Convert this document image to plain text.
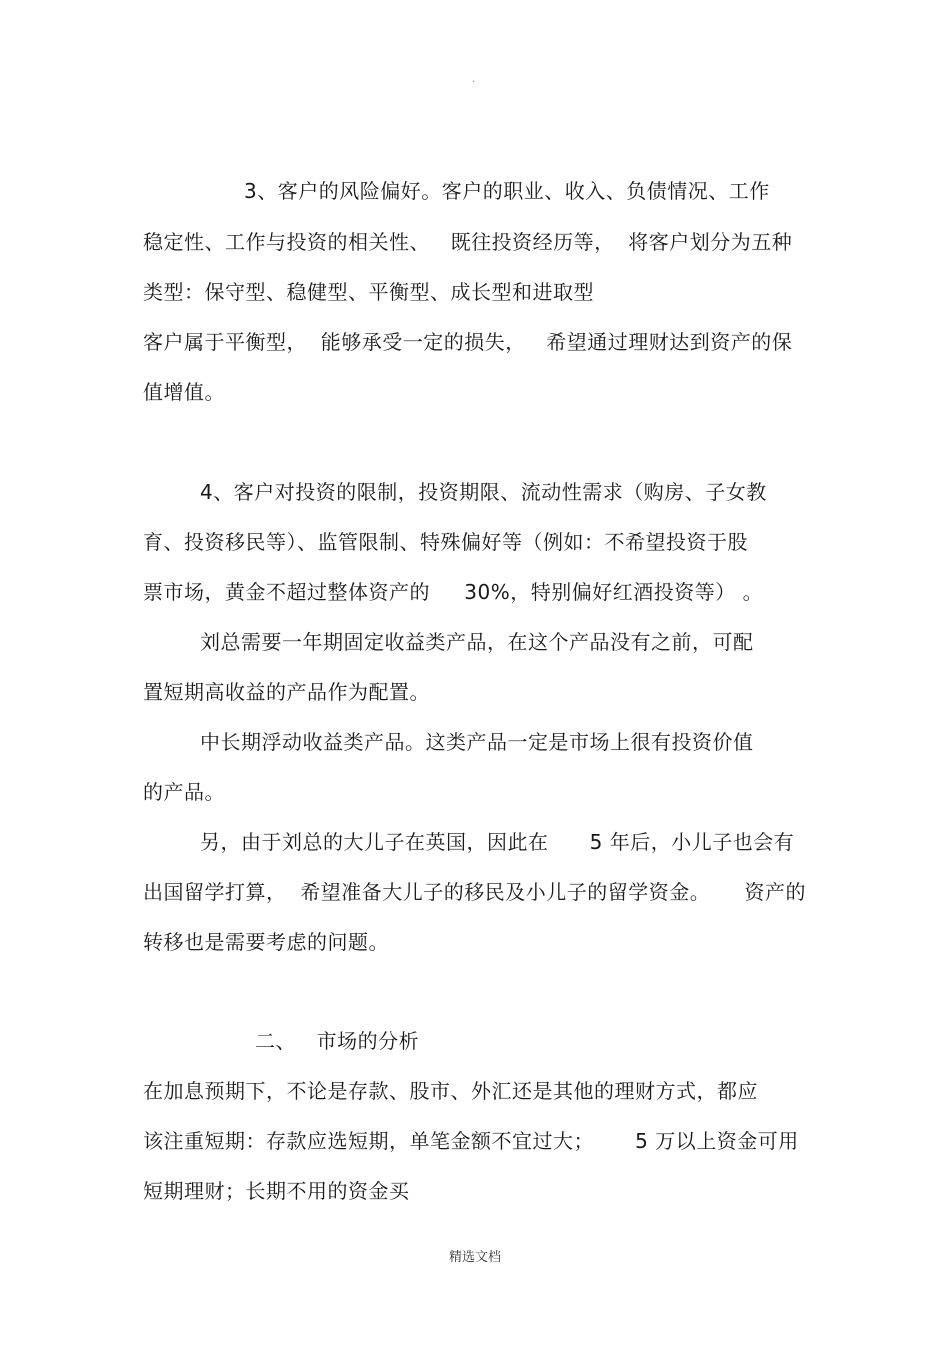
.
3、客户的风险偏好。客户的职业、收入、负债情况、工作
稳定性、工作与投资的相关性、   既往投资经历等，  将客户划分为五种
类型：保守型、稳健型、平衡型、成长型和进取型
客户属于平衡型，  能够承受一定的损失，   希望通过理财达到资产的保
值增值。
4、客户对投资的限制，投资期限、流动性需求（购房、子女教
育、投资移民等）、监管限制、特殊偏好等（例如：不希望投资于股
票市场，黄金不超过整体资产的     30%，特别偏好红酒投资等） 。
刘总需要一年期固定收益类产品，在这个产品没有之前，可配
置短期高收益的产品作为配置。
中长期浮动收益类产品。这类产品一定是市场上很有投资价值
的产品。
另，由于刘总的大儿子在英国，因此在      5 年后，小儿子也会有
出国留学打算，  希望准备大儿子的移民及小儿子的留学资金。     资产的
转移也是需要考虑的问题。
二、   市场的分析
在加息预期下，不论是存款、股市、外汇还是其他的理财方式，都应
该注重短期：存款应选短期，单笔金额不宜过大；      5 万以上资金可用
短期理财；长期不用的资金买
精选文档
